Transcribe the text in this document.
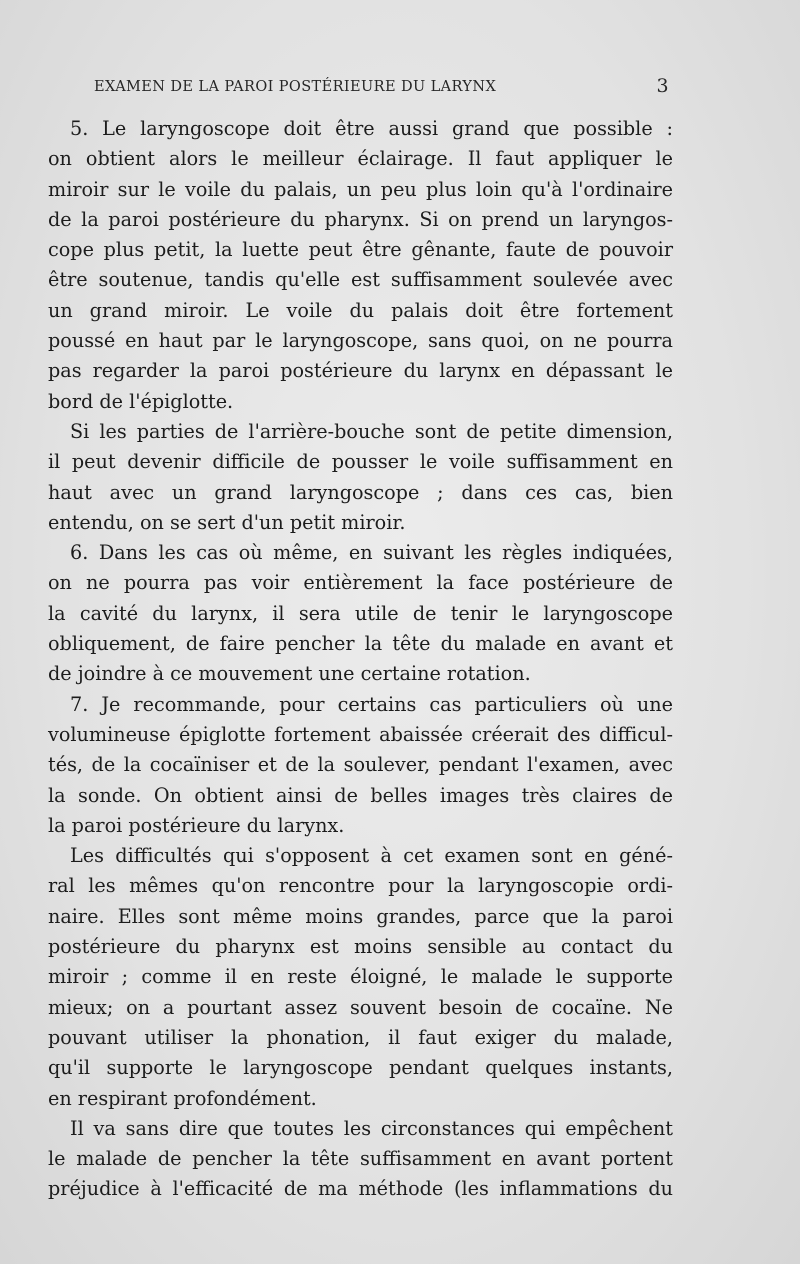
EXAMEN DE LA PAROI POSTÉRIEURE DU LARYNX	3

5. Le laryngoscope doit être aussi grand que possible :
on obtient alors le meilleur éclairage. Il faut appliquer le
miroir sur le voile du palais, un peu plus loin qu'à l'ordinaire
de la paroi postérieure du pharynx. Si on prend un laryngos-
cope plus petit, la luette peut être gênante, faute de pouvoir
être soutenue, tandis qu'elle est suffisamment soulevée avec
un grand miroir. Le voile du palais doit être fortement
poussé en haut par le laryngoscope, sans quoi, on ne pourra
pas regarder la paroi postérieure du larynx en dépassant le
bord de l'épiglotte.

Si les parties de l'arrière-bouche sont de petite dimension,
il peut devenir difficile de pousser le voile suffisamment en
haut avec un grand laryngoscope ; dans ces cas, bien
entendu, on se sert d'un petit miroir.

6. Dans les cas où même, en suivant les règles indiquées,
on ne pourra pas voir entièrement la face postérieure de
la cavité du larynx, il sera utile de tenir le laryngoscope
obliquement, de faire pencher la tête du malade en avant et
de joindre à ce mouvement une certaine rotation.

7. Je recommande, pour certains cas particuliers où une
volumineuse épiglotte fortement abaissée créerait des difficul-
tés, de la cocaïniser et de la soulever, pendant l'examen, avec
la sonde. On obtient ainsi de belles images très claires de
la paroi postérieure du larynx.

Les difficultés qui s'opposent à cet examen sont en géné-
ral les mêmes qu'on rencontre pour la laryngoscopie ordi-
naire. Elles sont même moins grandes, parce que la paroi
postérieure du pharynx est moins sensible au contact du
miroir ; comme il en reste éloigné, le malade le supporte
mieux; on a pourtant assez souvent besoin de cocaïne. Ne
pouvant utiliser la phonation, il faut exiger du malade,
qu'il supporte le laryngoscope pendant quelques instants,
en respirant profondément.

Il va sans dire que toutes les circonstances qui empêchent
le malade de pencher la tête suffisamment en avant portent
préjudice à l'efficacité de ma méthode (les inflammations du
